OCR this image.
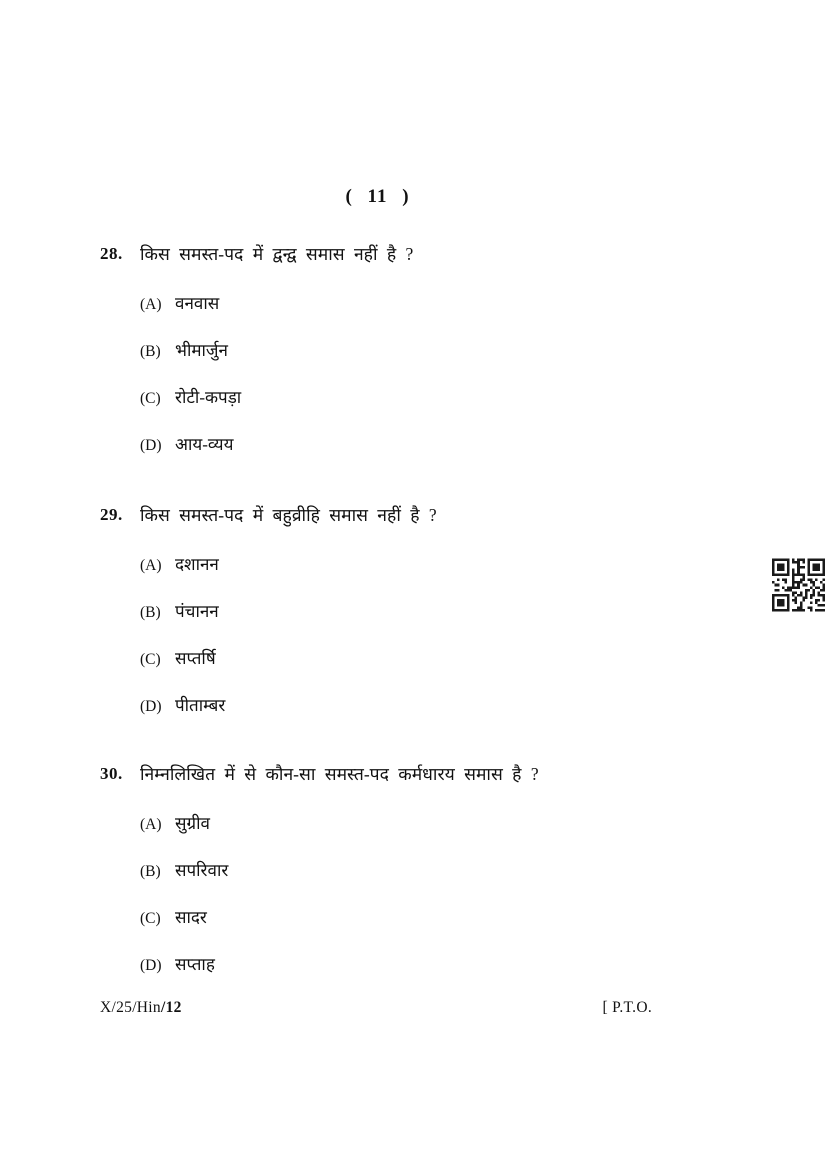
( 11 )
28. किस समस्त-पद में द्वन्द्व समास नहीं है ?
(A) वनवास
(B) भीमार्जुन
(C) रोटी-कपड़ा
(D) आय-व्यय
29. किस समस्त-पद में बहुव्रीहि समास नहीं है ?
(A) दशानन
(B) पंचानन
(C) सप्तर्षि
(D) पीताम्बर
30. निम्नलिखित में से कौन-सा समस्त-पद कर्मधारय समास है ?
(A) सुग्रीव
(B) सपरिवार
(C) सादर
(D) सप्ताह
X/25/Hin/12	[ P.T.O.
